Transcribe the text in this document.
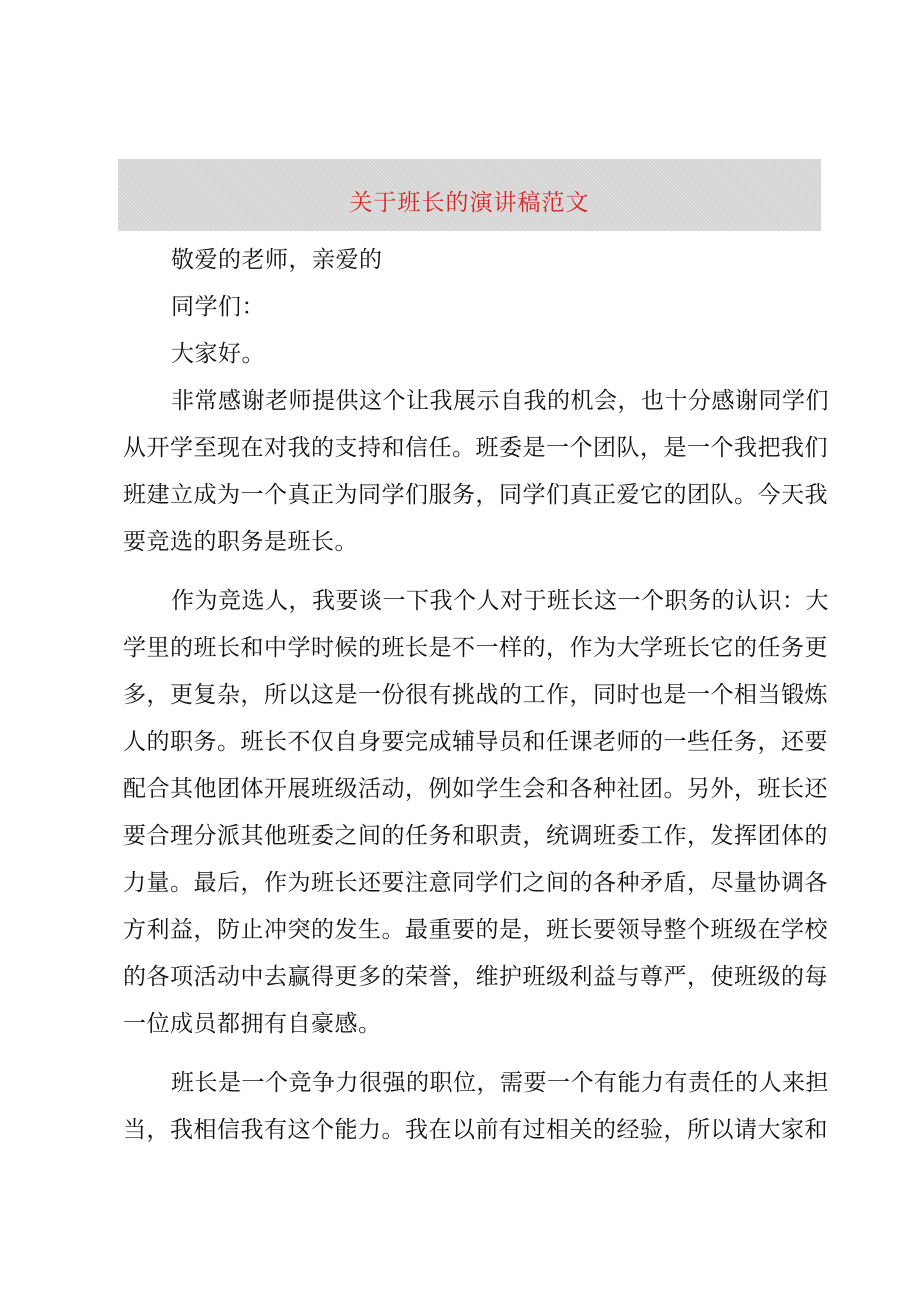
关于班长的演讲稿范文
敬爱的老师，亲爱的
同学们：
大家好。
非常感谢老师提供这个让我展示自我的机会，也十分感谢同学们
从开学至现在对我的支持和信任。班委是一个团队，是一个我把我们
班建立成为一个真正为同学们服务，同学们真正爱它的团队。今天我
要竞选的职务是班长。
作为竞选人，我要谈一下我个人对于班长这一个职务的认识：大
学里的班长和中学时候的班长是不一样的，作为大学班长它的任务更
多，更复杂，所以这是一份很有挑战的工作，同时也是一个相当锻炼
人的职务。班长不仅自身要完成辅导员和任课老师的一些任务，还要
配合其他团体开展班级活动，例如学生会和各种社团。另外，班长还
要合理分派其他班委之间的任务和职责，统调班委工作，发挥团体的
力量。最后，作为班长还要注意同学们之间的各种矛盾，尽量协调各
方利益，防止冲突的发生。最重要的是，班长要领导整个班级在学校
的各项活动中去赢得更多的荣誉，维护班级利益与尊严，使班级的每
一位成员都拥有自豪感。
班长是一个竞争力很强的职位，需要一个有能力有责任的人来担
当，我相信我有这个能力。我在以前有过相关的经验，所以请大家和
